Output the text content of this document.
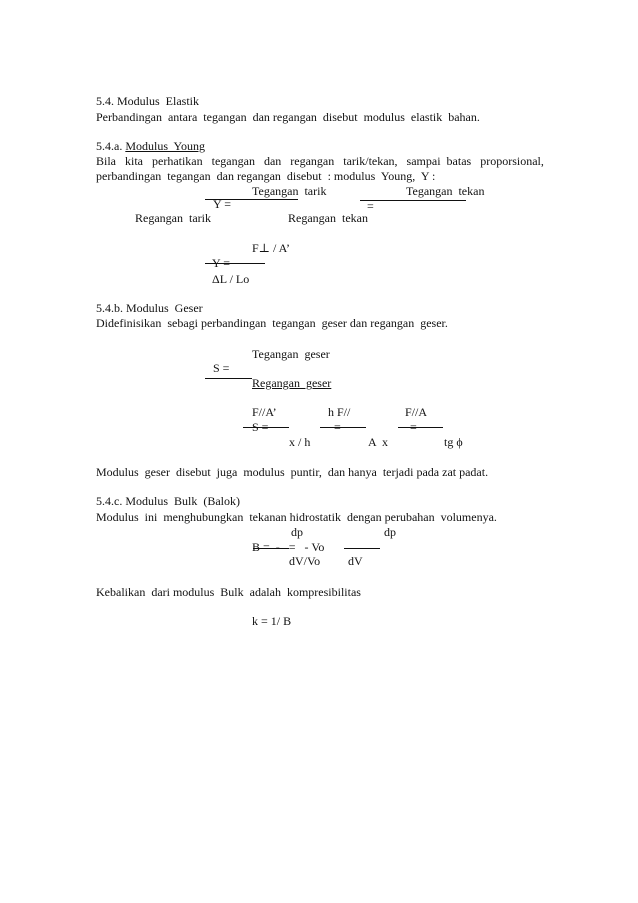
5.4. Modulus  Elastik
Perbandingan  antara  tegangan  dan regangan  disebut  modulus  elastik  bahan.
5.4.a. Modulus  Young
Bila   kita   perhatikan   tegangan   dan   regangan   tarik/tekan,   sampai  batas   proporsional,
perbandingan  tegangan  dan regangan  disebut  : modulus  Young,  Y :
Tegangan  tarik	Tegangan  tekan
Y =	=
Regangan  tarik	Regangan  tekan
F⊥ / A’
Y =
ΔL / Lo
5.4.b. Modulus  Geser
Didefinisikan  sebagi perbandingan  tegangan  geser dan regangan  geser.
Tegangan  geser
S =
Regangan  geser
F//A’	h F//	F//A
S =	=	=
x / h	A  x	tg ϕ
Modulus  geser  disebut  juga  modulus  puntir,  dan hanya  terjadi pada zat padat.
5.4.c. Modulus  Bulk  (Balok)
Modulus  ini  menghubungkan  tekanan hidrostatik  dengan perubahan  volumenya.
dp	dp
B =  -   =   - Vo
dV/Vo dV
Kebalikan  dari modulus  Bulk  adalah  kompresibilitas
k = 1/ B
